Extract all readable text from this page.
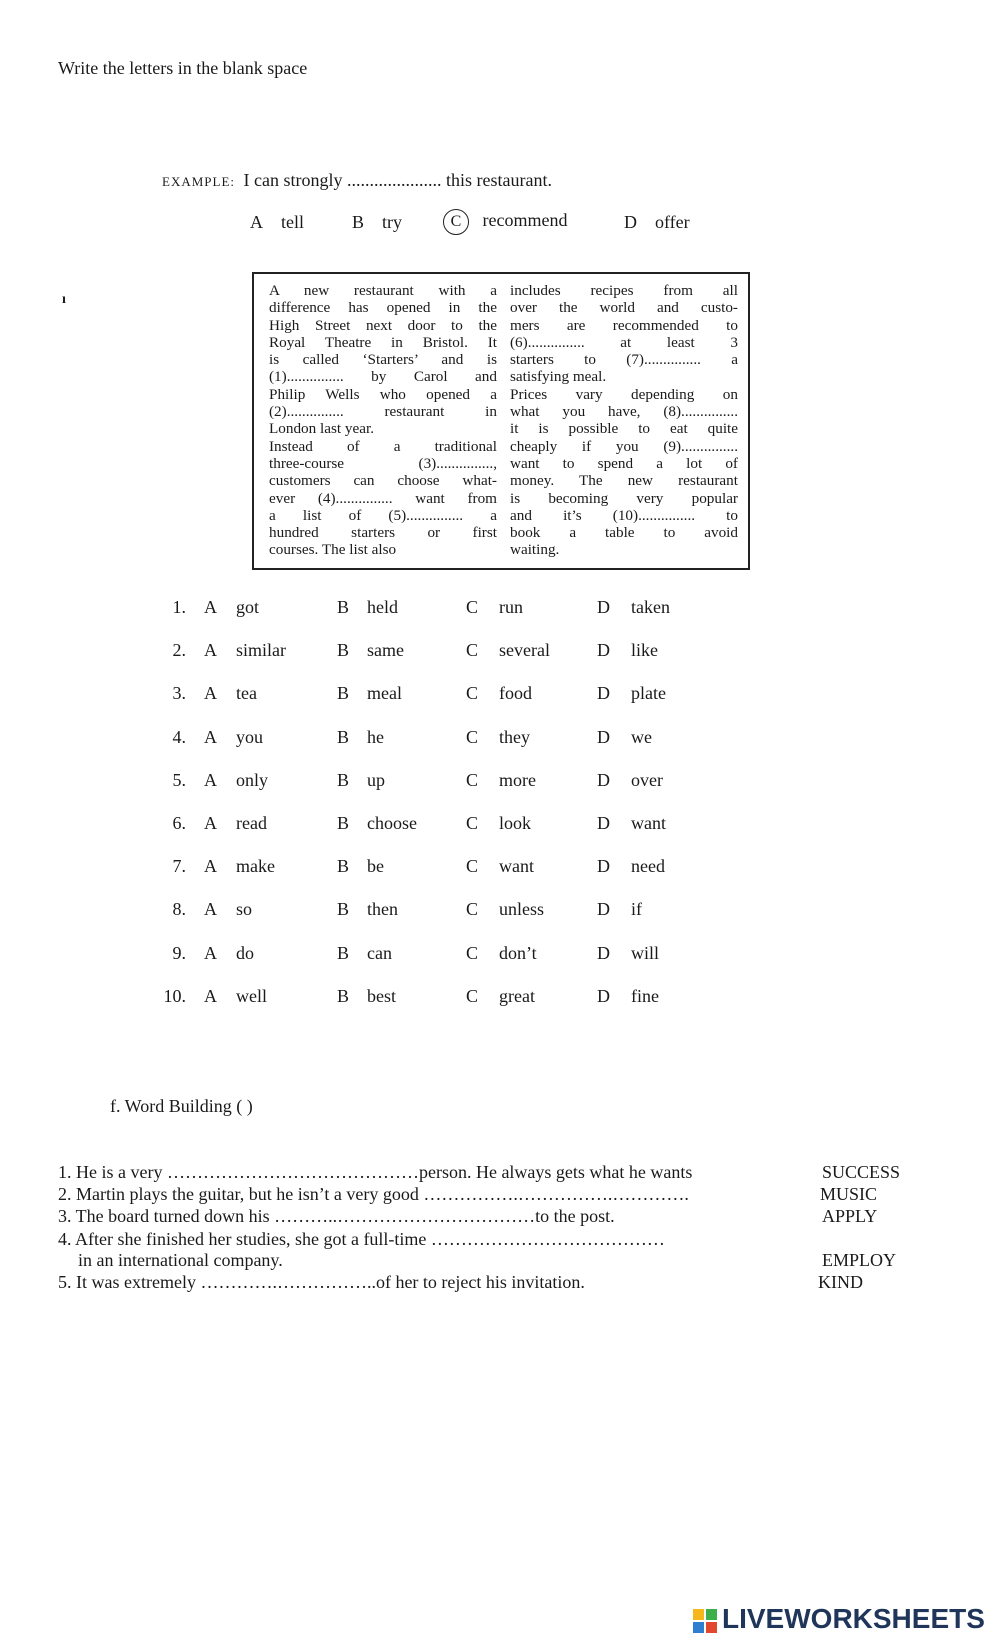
Write the letters in the blank space
EXAMPLE: I can strongly ..................... this restaurant.
A tell	B try	C recommend	D offer
ı
A new restaurant with a
difference has opened in the
High Street next door to the
Royal Theatre in Bristol. It
is called ‘Starters’ and is
(1)............... by Carol and
Philip Wells who opened a
(2)............... restaurant in
London last year.
Instead of a traditional
three-course (3)...............,
customers can choose what-
ever (4)............... want from
a list of (5)............... a
hundred starters or first
courses. The list also
includes recipes from all
over the world and custo-
mers are recommended to
(6)............... at least 3
starters to (7)............... a
satisfying meal.
Prices vary depending on
what you have, (8)...............
it is possible to eat quite
cheaply if you (9)...............
want to spend a lot of
money. The new restaurant
is becoming very popular
and it’s (10)............... to
book a table to avoid
waiting.
1. A got	B held	C run	D taken
2. A similar	B same	C several	D like
3. A tea	B meal	C food	D plate
4. A you	B he	C they	D we
5. A only	B up	C more	D over
6. A read	B choose	C look	D want
7. A make	B be	C want	D need
8. A so	B then	C unless	D if
9. A do	B can	C don’t	D will
10. A well	B best	C great	D fine
f. Word Building ( )
1. He is a very ……………………………………person. He always gets what he wants	SUCCESS
2. Martin plays the guitar, but he isn’t a very good …………….…………….………….	MUSIC
3. The board turned down his ………..……………………………to the post.	APPLY
4. After she finished her studies, she got a full-time …………………………………
in an international company.	EMPLOY
5. It was extremely ………….……………..of her to reject his invitation.	KIND
LIVEWORKSHEETS
